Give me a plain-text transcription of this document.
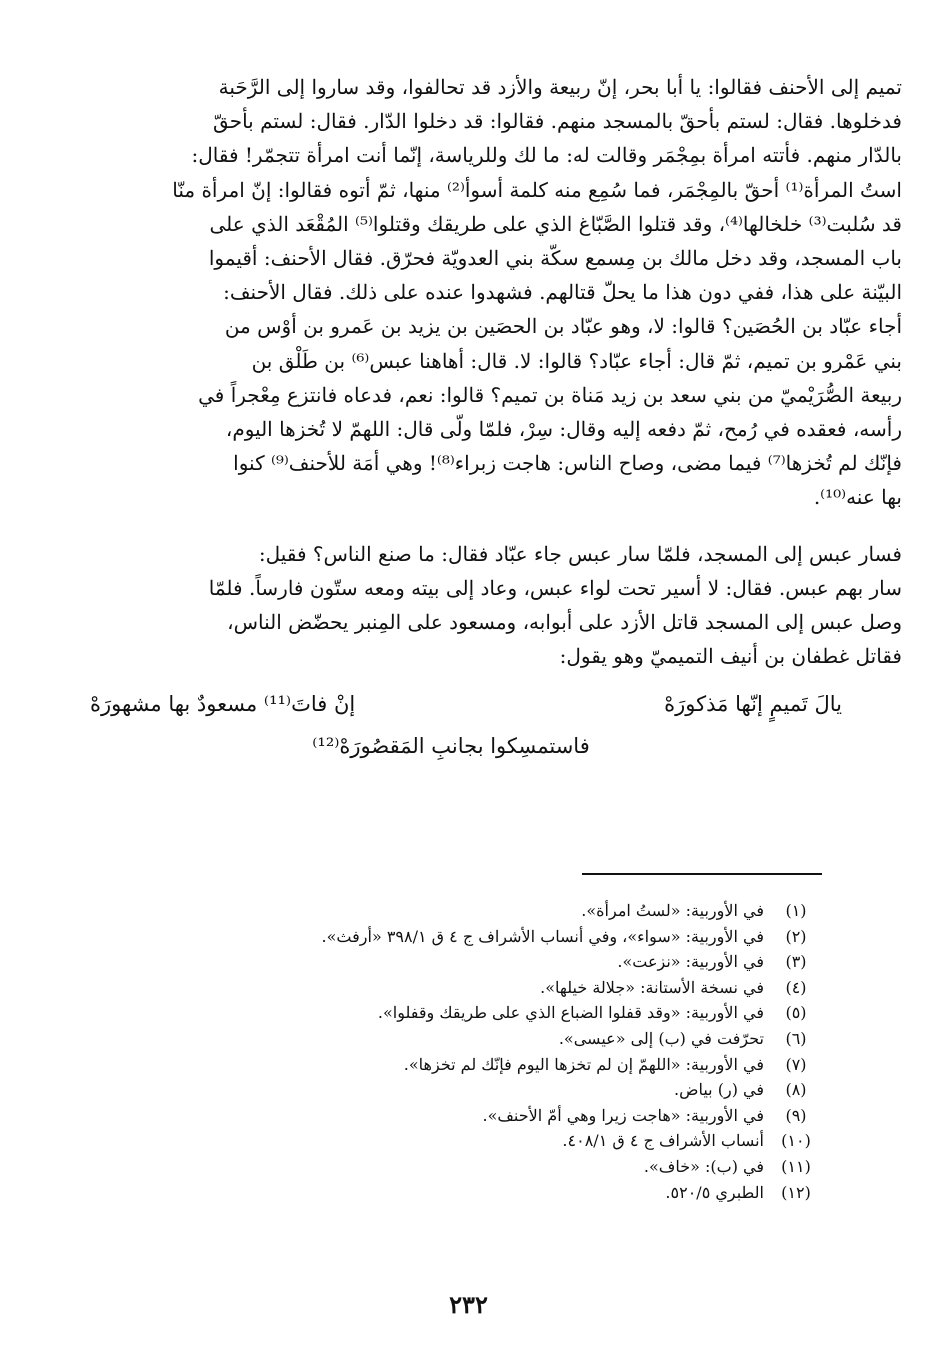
تميم إلى الأحنف فقالوا: يا أبا بحر، إنّ ربيعة والأزد قد تحالفوا، وقد ساروا إلى الرَّحَبة
فدخلوها. فقال: لستم بأحقّ بالمسجد منهم. فقالوا: قد دخلوا الدّار. فقال: لستم بأحقّ
بالدّار منهم. فأتته امرأة بمِجْمَر وقالت له: ما لك وللرياسة، إنّما أنت امرأة تتجمّر! فقال:
استُ المرأة⁽¹⁾ أحقّ بالمِجْمَر، فما سُمِع منه كلمة أسوأ⁽²⁾ منها، ثمّ أتوه فقالوا: إنّ امرأة منّا
قد سُلبت⁽³⁾ خلخالها⁽⁴⁾، وقد قتلوا الصَّبّاغ الذي على طريقك وقتلوا⁽⁵⁾ المُقْعَد الذي على
باب المسجد، وقد دخل مالك بن مِسمع سكّة بني العدويّة فحرّق. فقال الأحنف: أقيموا
البيّنة على هذا، ففي دون هذا ما يحلّ قتالهم. فشهدوا عنده على ذلك. فقال الأحنف:
أجاء عبّاد بن الحُصَين؟ قالوا: لا، وهو عبّاد بن الحصَين بن يزيد بن عَمرو بن أوْس من
بني عَمْرو بن تميم، ثمّ قال: أجاء عبّاد؟ قالوا: لا. قال: أهاهنا عبس⁽⁶⁾ بن طَلْق بن
ربيعة الصُّرَيْميّ من بني سعد بن زيد مَناة بن تميم؟ قالوا: نعم، فدعاه فانتزع مِعْجراً في
رأسه، فعقده في رُمح، ثمّ دفعه إليه وقال: سِرْ، فلمّا ولّى قال: اللهمّ لا تُخزها اليوم،
فإنّك لم تُخزها⁽⁷⁾ فيما مضى، وصاح الناس: هاجت زبراء⁽⁸⁾! وهي أمَة للأحنف⁽⁹⁾ كنوا
بها عنه⁽¹⁰⁾.

فسار عبس إلى المسجد، فلمّا سار عبس جاء عبّاد فقال: ما صنع الناس؟ فقيل:
سار بهم عبس. فقال: لا أسير تحت لواء عبس، وعاد إلى بيته ومعه ستّون فارساً. فلمّا
وصل عبس إلى المسجد قاتل الأزد على أبوابه، ومسعود على المِنبر يحضّض الناس،
فقاتل غطفان بن أنيف التميميّ وهو يقول:

يالَ تَميمٍ إنّها مَذكورَهْ
إنْ فاتَ⁽¹¹⁾ مسعودٌ بها مشهورَهْ
فاستمسِكوا بجانبِ المَقصُورَهْ⁽¹²⁾
(١)
في الأوربية: «لستُ امرأة».
(٢)
في الأوربية: «سواء»، وفي أنساب الأشراف ج ٤ ق ٣٩٨/١ «أرفث».
(٣)
في الأوربية: «نزعت».
(٤)
في نسخة الأستانة: «جلالة خيلها».
(٥)
في الأوربية: «وقد قفلوا الضباع الذي على طريقك وقفلوا».
(٦)
تحرّفت في (ب) إلى «عيسى».
(٧)
في الأوربية: «اللهمّ إن لم تخزها اليوم فإنّك لم تخزها».
(٨)
في (ر) بياض.
(٩)
في الأوربية: «هاجت زيرا وهي أمّ الأحنف».
(١٠)
أنساب الأشراف ج ٤ ق ٤٠٨/١.
(١١)
في (ب): «خاف».
(١٢)
الطبري ٥٢٠/٥.
٢٣٢
